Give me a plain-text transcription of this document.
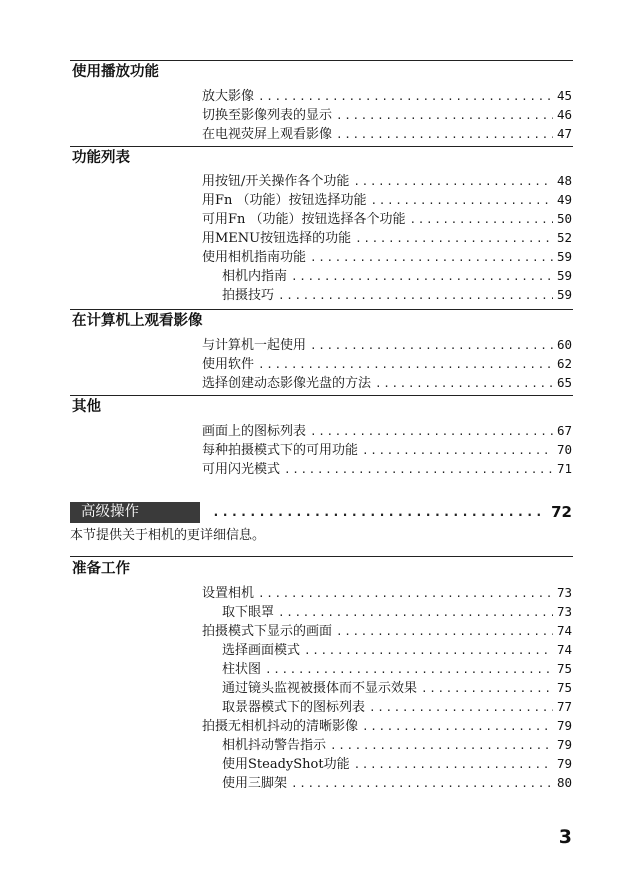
使用播放功能
放大影像 .....	45
切换至影像列表的显示 .....	46
在电视荧屏上观看影像 .....	47
功能列表
用按钮/开关操作各个功能 .....	48
用Fn （功能）按钮选择功能 .....	49
可用Fn （功能）按钮选择各个功能 .....	50
用MENU按钮选择的功能 .....	52
使用相机指南功能 .....	59
相机内指南 .....	59
拍摄技巧 .....	59
在计算机上观看影像
与计算机一起使用 .....	60
使用软件 .....	62
选择创建动态影像光盘的方法 .....	65
其他
画面上的图标列表 .....	67
每种拍摄模式下的可用功能 .....	70
可用闪光模式 .....	71
高级操作 .....	72
本节提供关于相机的更详细信息。
准备工作
设置相机 .....	73
取下眼罩 .....	73
拍摄模式下显示的画面 .....	74
选择画面模式 .....	74
柱状图 .....	75
通过镜头监视被摄体而不显示效果 .....	75
取景器模式下的图标列表 .....	77
拍摄无相机抖动的清晰影像 .....	79
相机抖动警告指示 .....	79
使用SteadyShot功能 .....	79
使用三脚架 .....	80
3
